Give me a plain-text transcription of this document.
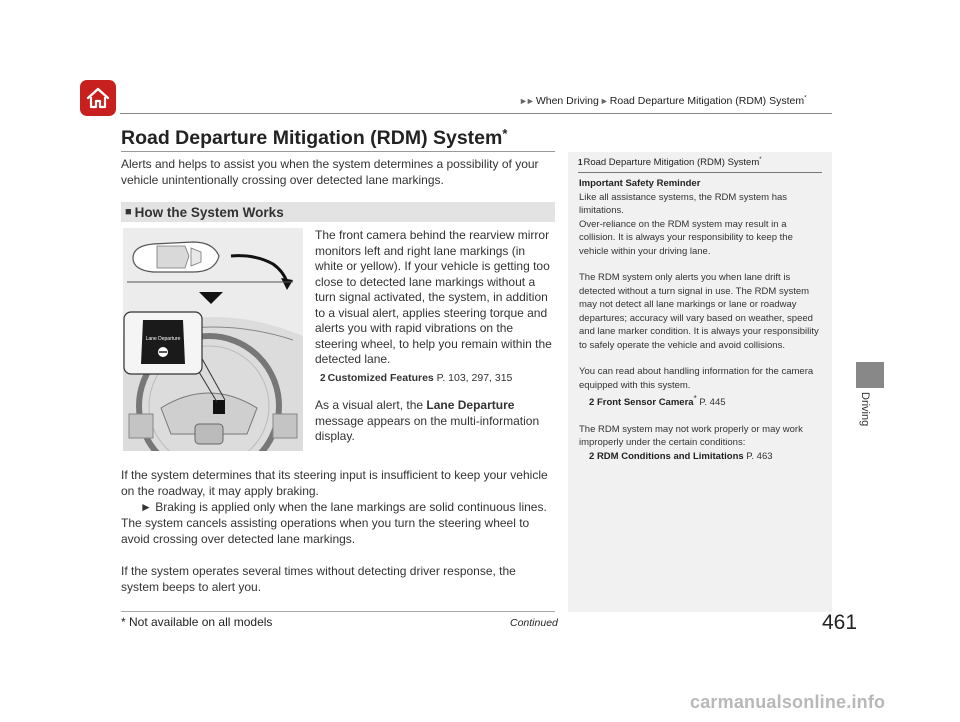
►► When Driving► Road Departure Mitigation (RDM) System*
Road Departure Mitigation (RDM) System*

Alerts and helps to assist you when the system determines a possibility of your vehicle unintentionally crossing over detected lane markings.

■ How the System Works
Lane Departure

The front camera behind the rearview mirror monitors left and right lane markings (in white or yellow). If your vehicle is getting too close to detected lane markings without a turn signal activated, the system, in addition to a visual alert, applies steering torque and alerts you with rapid vibrations on the steering wheel, to help you remain within the detected lane.

2 Customized Features P. 103, 297, 315

As a visual alert, the Lane Departure message appears on the multi-information display.

If the system determines that its steering input is insufficient to keep your vehicle on the roadway, it may apply braking.

► Braking is applied only when the lane markings are solid continuous lines.

The system cancels assisting operations when you turn the steering wheel to avoid crossing over detected lane markings.

If the system operates several times without detecting driver response, the system beeps to alert you.

1Road Departure Mitigation (RDM) System*

Important Safety Reminder

Like all assistance systems, the RDM system has limitations.

Over-reliance on the RDM system may result in a collision. It is always your responsibility to keep the vehicle within your driving lane.

The RDM system only alerts you when lane drift is detected without a turn signal in use. The RDM system may not detect all lane markings or lane or roadway departures; accuracy will vary based on weather, speed and lane marker condition. It is always your responsibility to safely operate the vehicle and avoid collisions.

You can read about handling information for the camera equipped with this system.

2 Front Sensor Camera* P. 445

The RDM system may not work properly or may work improperly under the certain conditions:

2 RDM Conditions and Limitations P. 463

Driving
* Not available on all models	Continued	461
carmanualsonline.info
